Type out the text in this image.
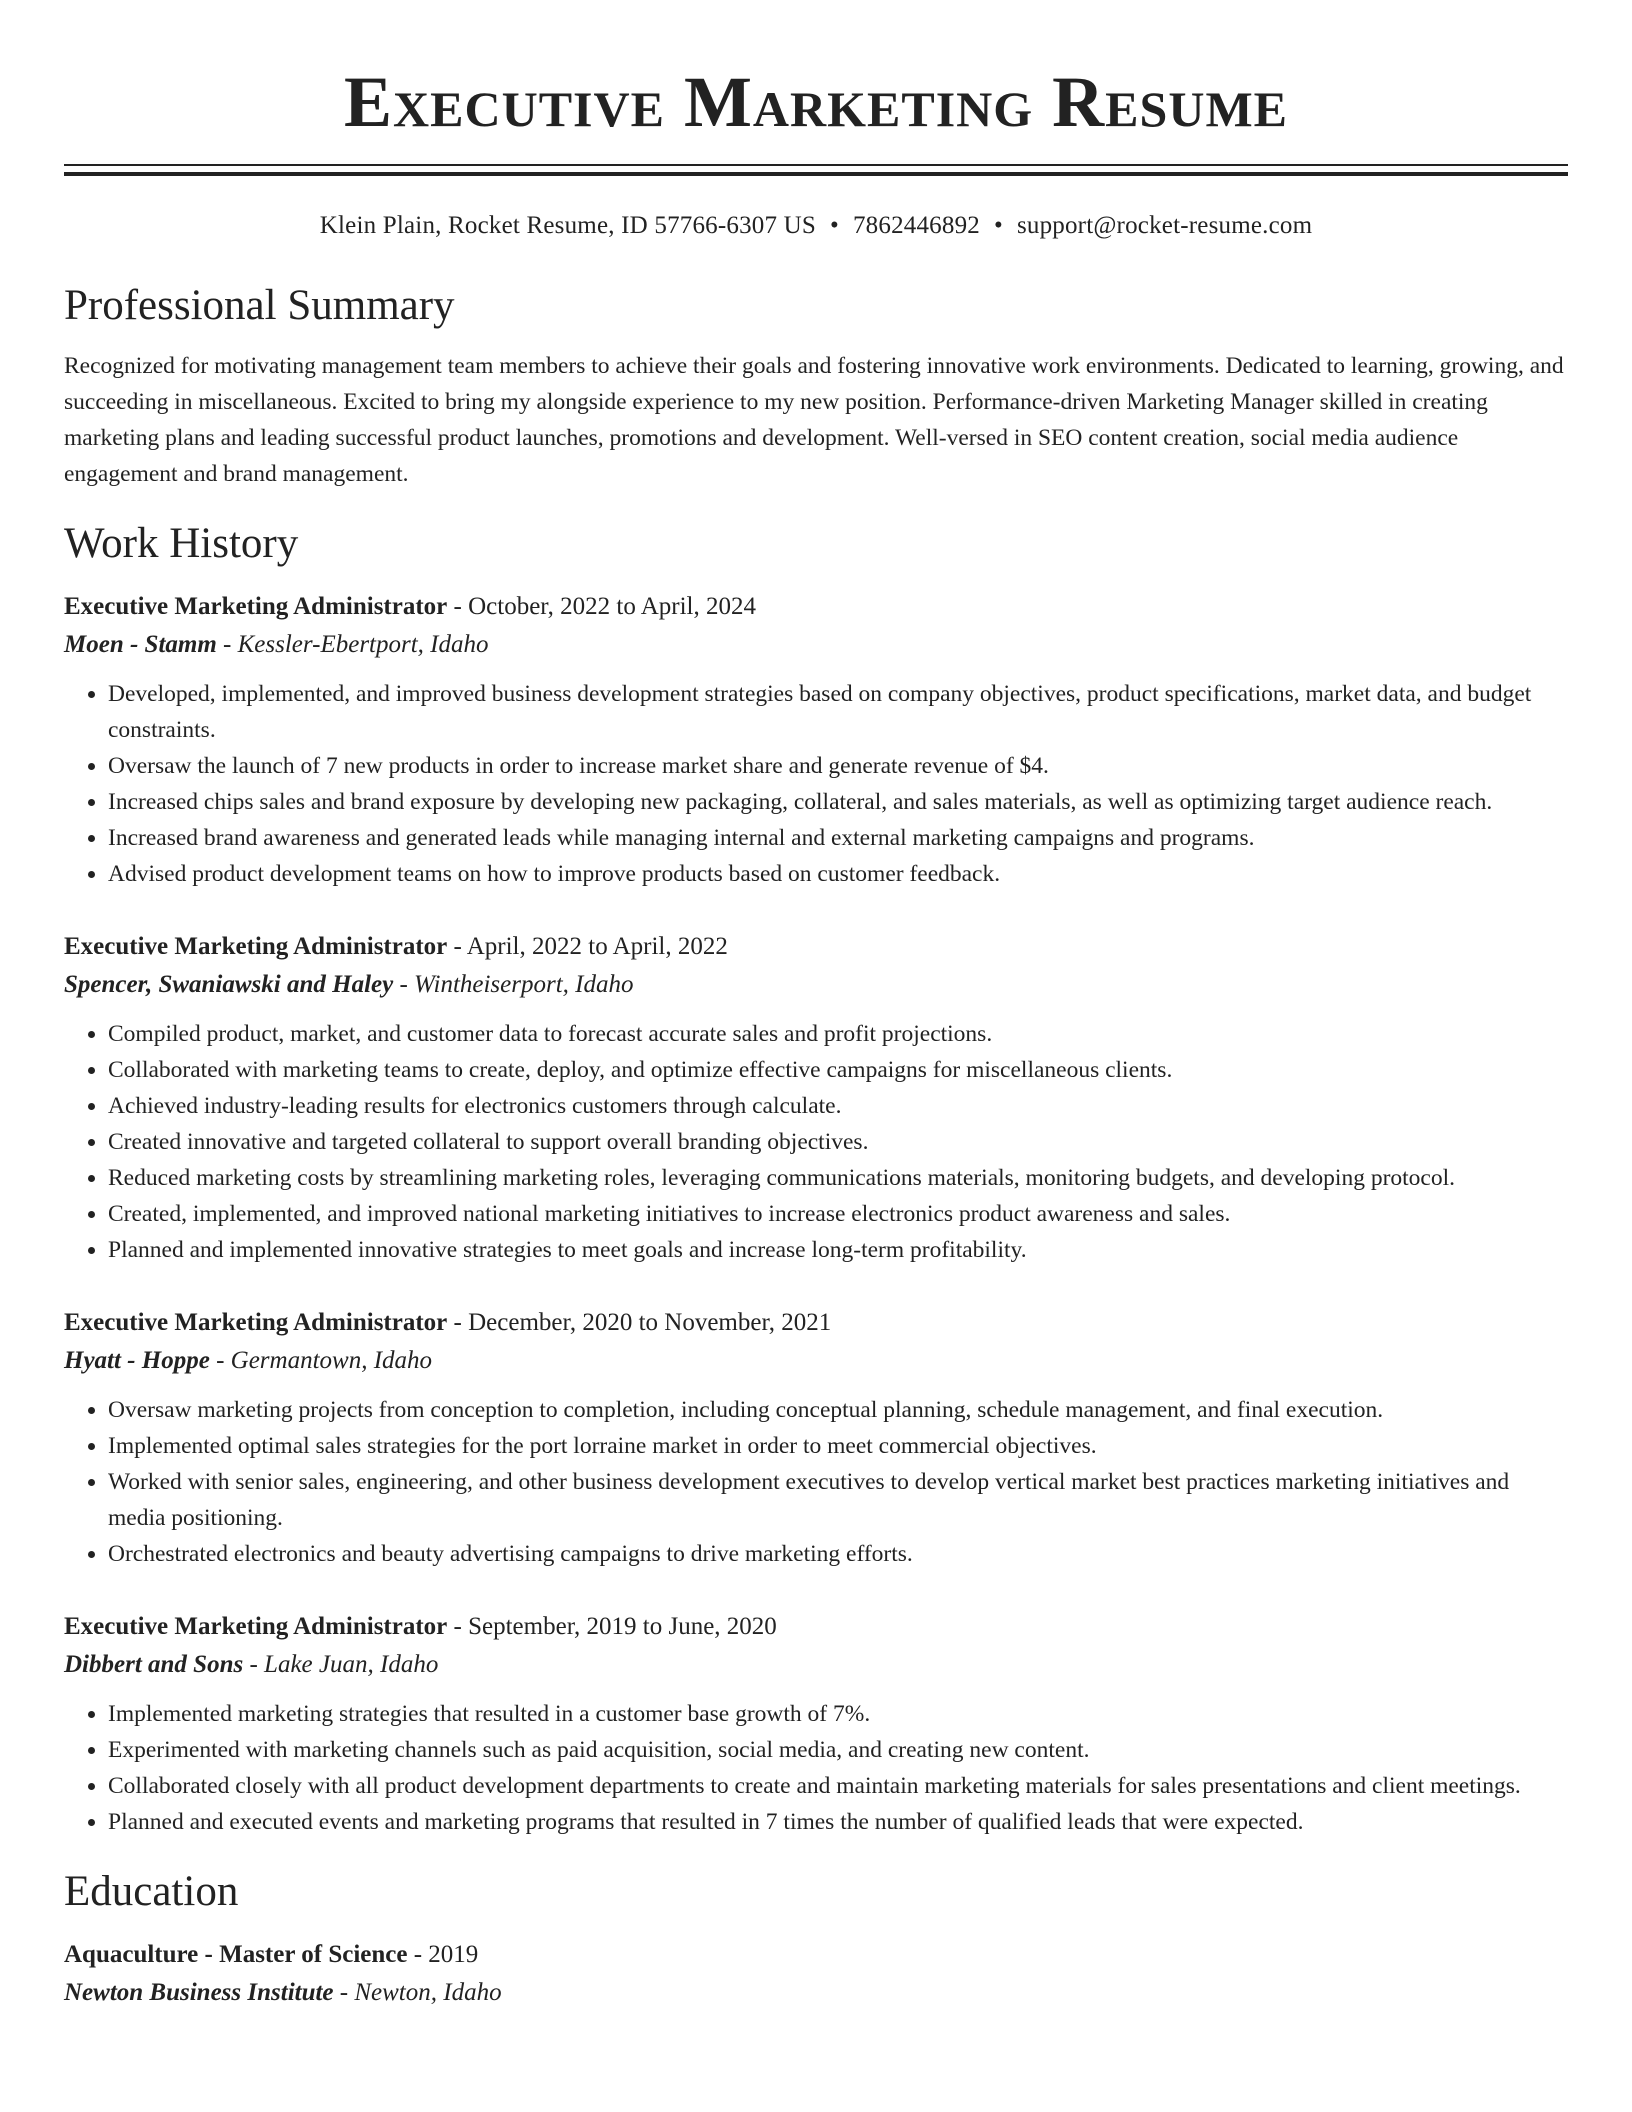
Executive Marketing Resume
Klein Plain, Rocket Resume, ID 57766-6307 US • 7862446892 • support@rocket-resume.com
Professional Summary
Recognized for motivating management team members to achieve their goals and fostering innovative work environments. Dedicated to learning, growing, and succeeding in miscellaneous. Excited to bring my alongside experience to my new position. Performance-driven Marketing Manager skilled in creating marketing plans and leading successful product launches, promotions and development. Well-versed in SEO content creation, social media audience engagement and brand management.
Work History
Executive Marketing Administrator - October, 2022 to April, 2024
Moen - Stamm - Kessler-Ebertport, Idaho
• Developed, implemented, and improved business development strategies based on company objectives, product specifications, market data, and budget constraints.
• Oversaw the launch of 7 new products in order to increase market share and generate revenue of $4.
• Increased chips sales and brand exposure by developing new packaging, collateral, and sales materials, as well as optimizing target audience reach.
• Increased brand awareness and generated leads while managing internal and external marketing campaigns and programs.
• Advised product development teams on how to improve products based on customer feedback.
Executive Marketing Administrator - April, 2022 to April, 2022
Spencer, Swaniawski and Haley - Wintheiserport, Idaho
• Compiled product, market, and customer data to forecast accurate sales and profit projections.
• Collaborated with marketing teams to create, deploy, and optimize effective campaigns for miscellaneous clients.
• Achieved industry-leading results for electronics customers through calculate.
• Created innovative and targeted collateral to support overall branding objectives.
• Reduced marketing costs by streamlining marketing roles, leveraging communications materials, monitoring budgets, and developing protocol.
• Created, implemented, and improved national marketing initiatives to increase electronics product awareness and sales.
• Planned and implemented innovative strategies to meet goals and increase long-term profitability.
Executive Marketing Administrator - December, 2020 to November, 2021
Hyatt - Hoppe - Germantown, Idaho
• Oversaw marketing projects from conception to completion, including conceptual planning, schedule management, and final execution.
• Implemented optimal sales strategies for the port lorraine market in order to meet commercial objectives.
• Worked with senior sales, engineering, and other business development executives to develop vertical market best practices marketing initiatives and media positioning.
• Orchestrated electronics and beauty advertising campaigns to drive marketing efforts.
Executive Marketing Administrator - September, 2019 to June, 2020
Dibbert and Sons - Lake Juan, Idaho
• Implemented marketing strategies that resulted in a customer base growth of 7%.
• Experimented with marketing channels such as paid acquisition, social media, and creating new content.
• Collaborated closely with all product development departments to create and maintain marketing materials for sales presentations and client meetings.
• Planned and executed events and marketing programs that resulted in 7 times the number of qualified leads that were expected.
Education
Aquaculture - Master of Science - 2019
Newton Business Institute - Newton, Idaho
